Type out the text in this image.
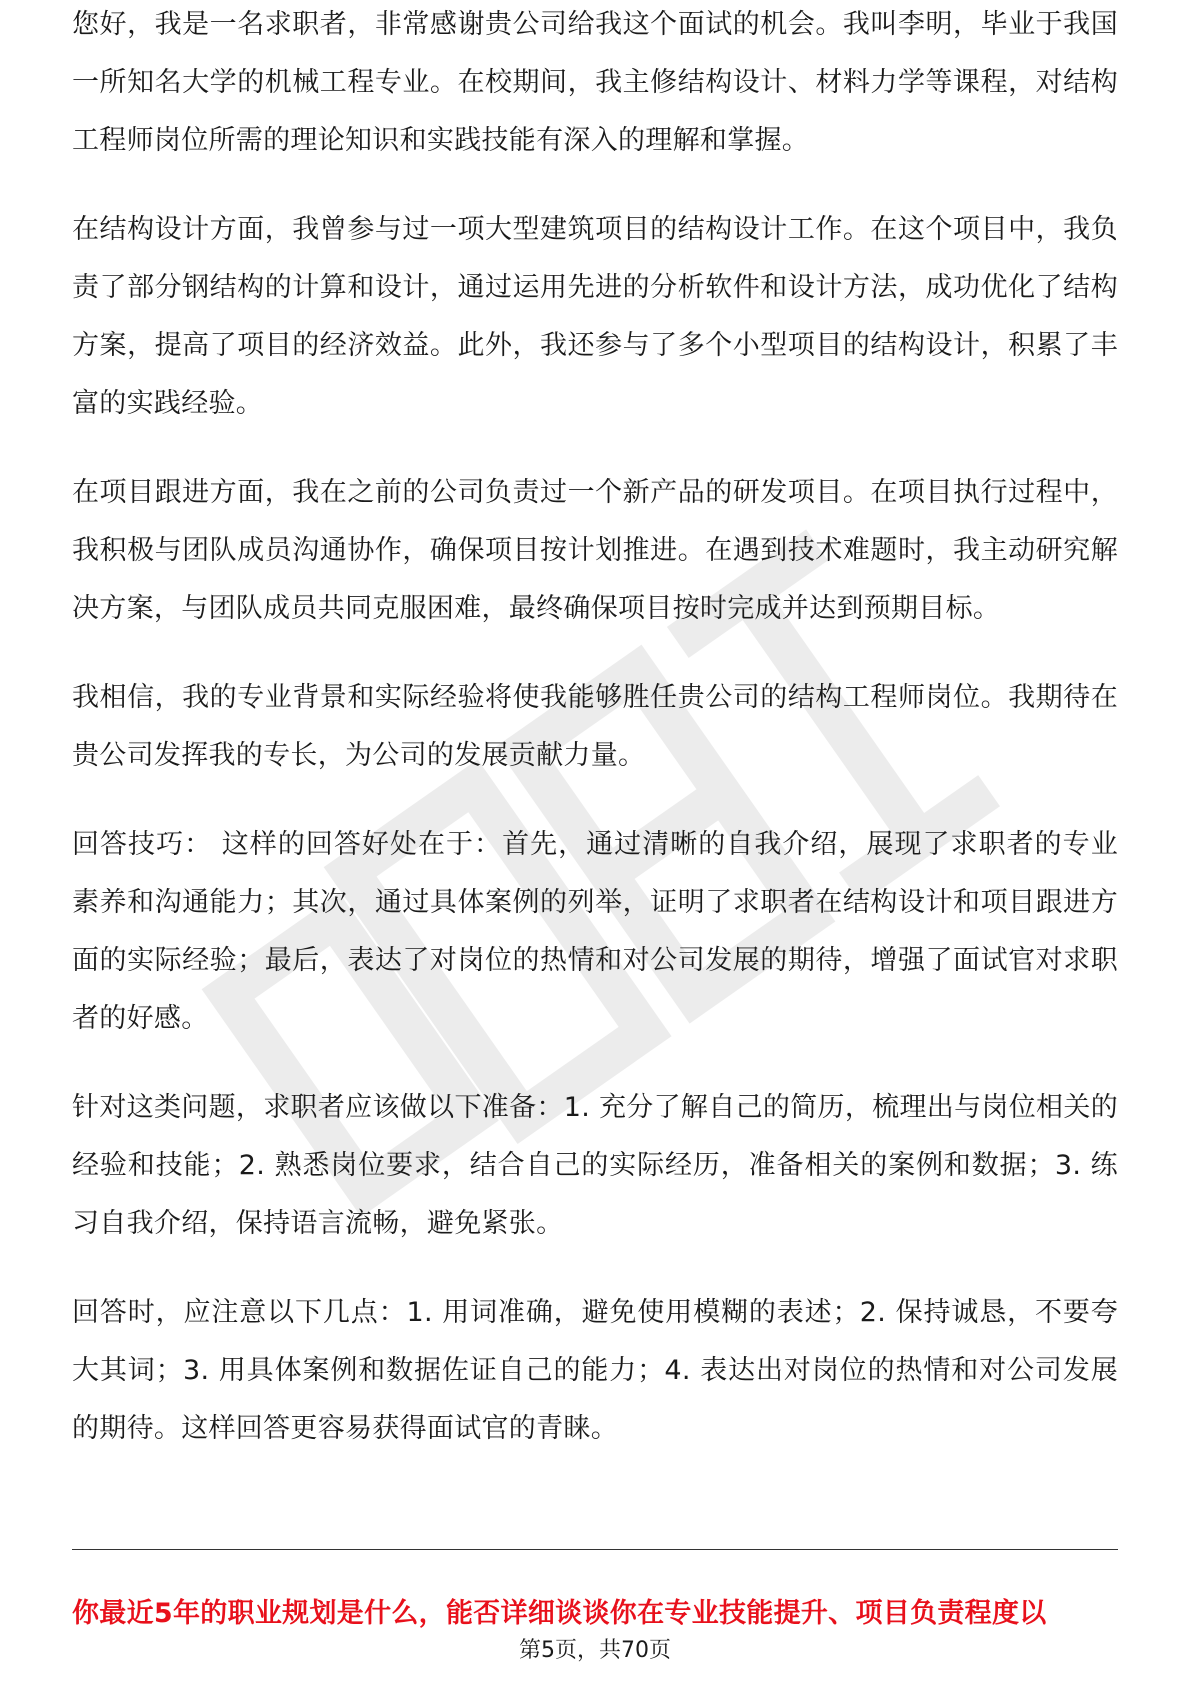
您好，我是一名求职者，非常感谢贵公司给我这个面试的机会。我叫李明，毕业于我国一所知名大学的机械工程专业。在校期间，我主修结构设计、材料力学等课程，对结构工程师岗位所需的理论知识和实践技能有深入的理解和掌握。

在结构设计方面，我曾参与过一项大型建筑项目的结构设计工作。在这个项目中，我负责了部分钢结构的计算和设计，通过运用先进的分析软件和设计方法，成功优化了结构方案，提高了项目的经济效益。此外，我还参与了多个小型项目的结构设计，积累了丰富的实践经验。

在项目跟进方面，我在之前的公司负责过一个新产品的研发项目。在项目执行过程中，我积极与团队成员沟通协作，确保项目按计划推进。在遇到技术难题时，我主动研究解决方案，与团队成员共同克服困难，最终确保项目按时完成并达到预期目标。

我相信，我的专业背景和实际经验将使我能够胜任贵公司的结构工程师岗位。我期待在贵公司发挥我的专长，为公司的发展贡献力量。

回答技巧： 这样的回答好处在于：首先，通过清晰的自我介绍，展现了求职者的专业素养和沟通能力；其次，通过具体案例的列举，证明了求职者在结构设计和项目跟进方面的实际经验；最后，表达了对岗位的热情和对公司发展的期待，增强了面试官对求职者的好感。

针对这类问题，求职者应该做以下准备：1. 充分了解自己的简历，梳理出与岗位相关的经验和技能；2. 熟悉岗位要求，结合自己的实际经历，准备相关的案例和数据；3. 练习自我介绍，保持语言流畅，避免紧张。

回答时，应注意以下几点：1. 用词准确，避免使用模糊的表述；2. 保持诚恳，不要夸大其词；3. 用具体案例和数据佐证自己的能力；4. 表达出对岗位的热情和对公司发展的期待。这样回答更容易获得面试官的青睐。

你最近5年的职业规划是什么，能否详细谈谈你在专业技能提升、项目负责程度以
第5页，共70页
